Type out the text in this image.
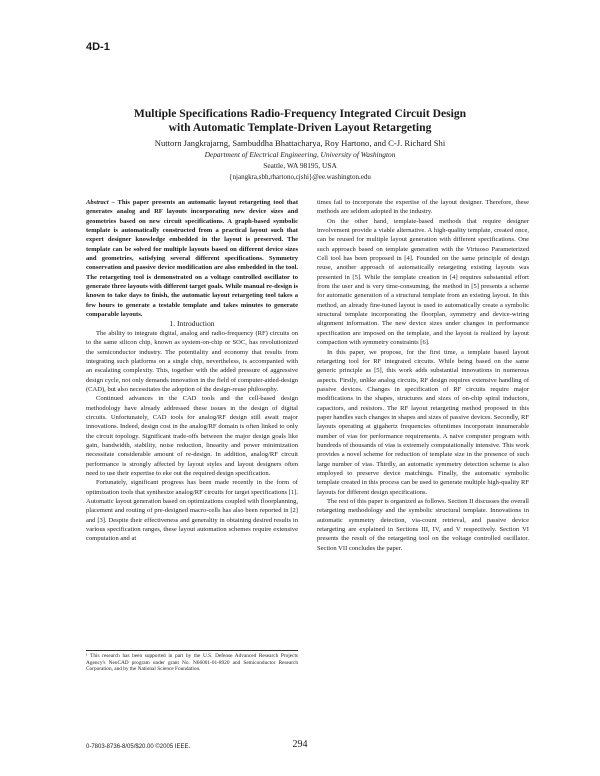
4D-1
Multiple Specifications Radio-Frequency Integrated Circuit Design
with Automatic Template-Driven Layout Retargeting
Nuttorn Jangkrajarng, Sambuddha Bhattacharya, Roy Hartono, and C-J. Richard Shi
Department of Electrical Engineering, University of Washington
Seattle, WA 98195, USA
{njangkra,sbh,rhartono,cjshi}@ee.washington.edu

Abstract – This paper presents an automatic layout retargeting tool that generates analog and RF layouts incorporating new device sizes and geometries based on new circuit specifications. A graph-based symbolic template is automatically constructed from a practical layout such that expert designer knowledge embedded in the layout is preserved. The template can be solved for multiple layouts based on different device sizes and geometries, satisfying several different specifications. Symmetry conservation and passive device modification are also embedded in the tool. The retargeting tool is demonstrated on a voltage controlled oscillator to generate three layouts with different target goals. While manual re-design is known to take days to finish, the automatic layout retargeting tool takes a few hours to generate a testable template and takes minutes to generate comparable layouts.

1. Introduction

The ability to integrate digital, analog and radio-frequency (RF) circuits on to the same silicon chip, known as system-on-chip or SOC, has revolutionized the semiconductor industry. The potentiality and economy that results from integrating such platforms on a single chip, nevertheless, is accompanied with an escalating complexity. This, together with the added pressure of aggressive design cycle, not only demands innovation in the field of computer-aided-design (CAD), but also necessitates the adoption of the design-reuse philosophy.

Continued advances in the CAD tools and the cell-based design methodology have already addressed these issues in the design of digital circuits. Unfortunately, CAD tools for analog/RF design still await major innovations. Indeed, design cost in the analog/RF domain is often linked to only the circuit topology. Significant trade-offs between the major design goals like gain, bandwidth, stability, noise reduction, linearity and power minimization necessitate considerable amount of re-design. In addition, analog/RF circuit performance is strongly affected by layout styles and layout designers often need to use their expertise to eke out the required design specification.

Fortunately, significant progress has been made recently in the form of optimization tools that synthesize analog/RF circuits for target specifications [1]. Automatic layout generation based on optimizations coupled with floorplanning, placement and routing of pre-designed macro-cells has also been reported in [2] and [3]. Despite their effectiveness and generality in obtaining desired results in various specification ranges, these layout automation schemes require extensive computation and at

¹ This research has been supported in part by the U.S. Defense Advanced Research Projects Agency's NeoCAD program under grant No. N66001-01-8920 and Semiconductor Research Corporation, and by the National Science Foundation.

times fail to incorporate the expertise of the layout designer. Therefore, these methods are seldom adopted in the industry.

On the other hand, template-based methods that require designer involvement provide a viable alternative. A high-quality template, created once, can be reused for multiple layout generation with different specifications. One such approach based on template generation with the Virtuoso Parameterized Cell tool has been proposed in [4]. Founded on the same principle of design reuse, another approach of automatically retargeting existing layouts was presented in [5]. While the template creation in [4] requires substantial effort from the user and is very time-consuming, the method in [5] presents a scheme for automatic generation of a structural template from an existing layout. In this method, an already fine-tuned layout is used to automatically create a symbolic structural template incorporating the floorplan, symmetry and device-wiring alignment information. The new device sizes under changes in performance specification are imposed on the template, and the layout is realized by layout compaction with symmetry constraints [6].

In this paper, we propose, for the first time, a template based layout retargeting tool for RF integrated circuits. While being based on the same generic principle as [5], this work adds substantial innovations in numerous aspects. Firstly, unlike analog circuits, RF design requires extensive handling of passive devices. Changes in specification of RF circuits require major modifications in the shapes, structures and sizes of on-chip spiral inductors, capacitors, and resistors. The RF layout retargeting method proposed in this paper handles such changes in shapes and sizes of passive devices. Secondly, RF layouts operating at gigahertz frequencies oftentimes incorporate innumerable number of vias for performance requirements. A naive computer program with hundreds of thousands of vias is extremely computationally intensive. This work provides a novel scheme for reduction of template size in the presence of such large number of vias. Thirdly, an automatic symmetry detection scheme is also employed to preserve device matchings. Finally, the automatic symbolic template created in this process can be used to generate multiple high-quality RF layouts for different design specifications.

The rest of this paper is organized as follows. Section II discusses the overall retargeting methodology and the symbolic structural template. Innovations in automatic symmetry detection, via-count retrieval, and passive device retargeting are explained in Sections III, IV, and V respectively. Section VI presents the result of the retargeting tool on the voltage controlled oscillator. Section VII concludes the paper.

0-7803-8736-8/05/$20.00 ©2005 IEEE.	294
